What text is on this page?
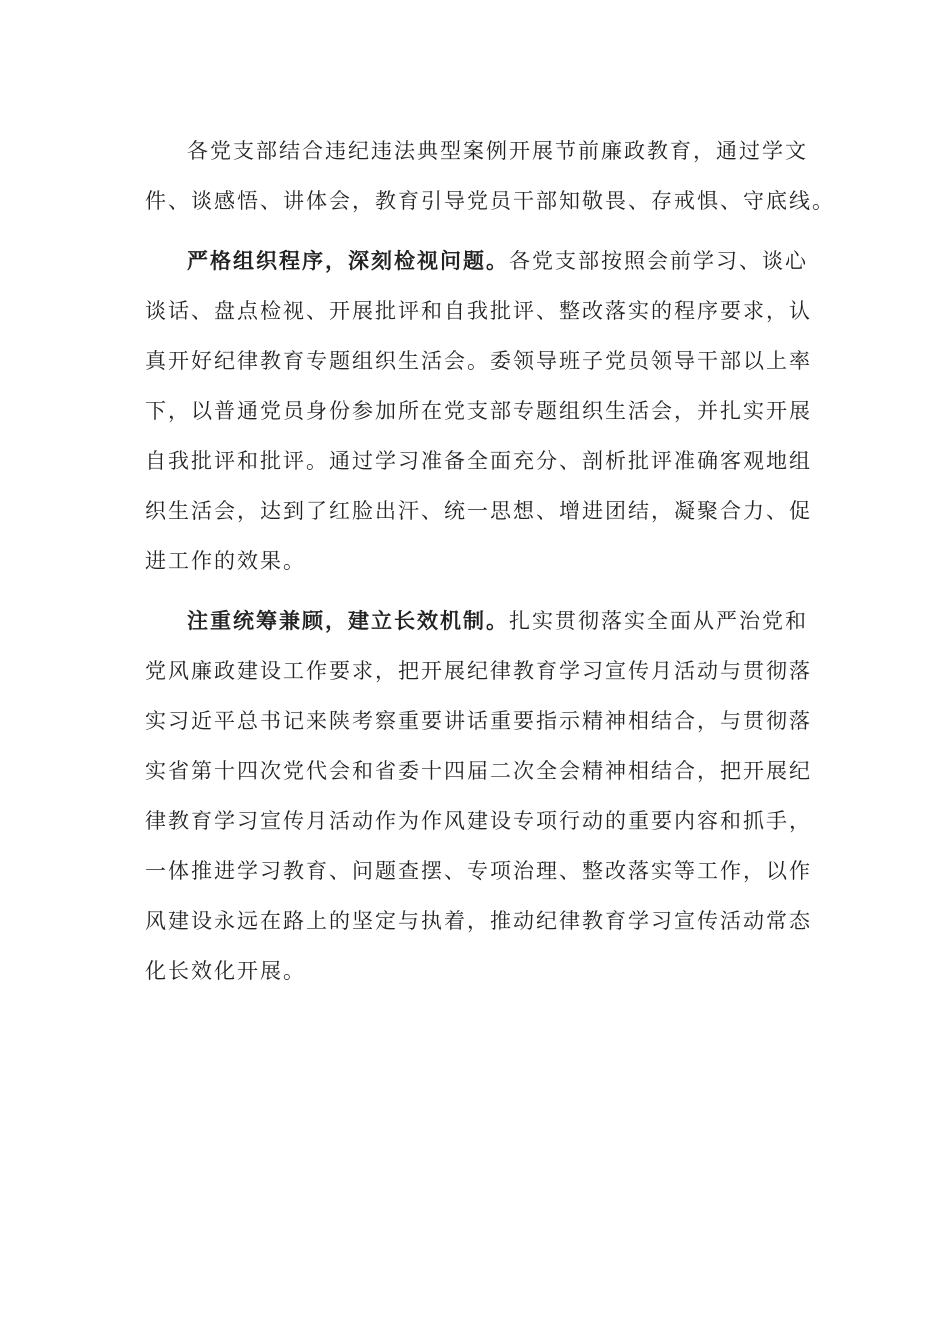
各党支部结合违纪违法典型案例开展节前廉政教育，通过学文
件、谈感悟、讲体会，教育引导党员干部知敬畏、存戒惧、守底线。
严格组织程序，深刻检视问题。各党支部按照会前学习、谈心
谈话、盘点检视、开展批评和自我批评、整改落实的程序要求，认
真开好纪律教育专题组织生活会。委领导班子党员领导干部以上率
下，以普通党员身份参加所在党支部专题组织生活会，并扎实开展
自我批评和批评。通过学习准备全面充分、剖析批评准确客观地组
织生活会，达到了红脸出汗、统一思想、增进团结，凝聚合力、促
进工作的效果。
注重统筹兼顾，建立长效机制。扎实贯彻落实全面从严治党和
党风廉政建设工作要求，把开展纪律教育学习宣传月活动与贯彻落
实习近平总书记来陕考察重要讲话重要指示精神相结合，与贯彻落
实省第十四次党代会和省委十四届二次全会精神相结合，把开展纪
律教育学习宣传月活动作为作风建设专项行动的重要内容和抓手，
一体推进学习教育、问题查摆、专项治理、整改落实等工作，以作
风建设永远在路上的坚定与执着，推动纪律教育学习宣传活动常态
化长效化开展。
